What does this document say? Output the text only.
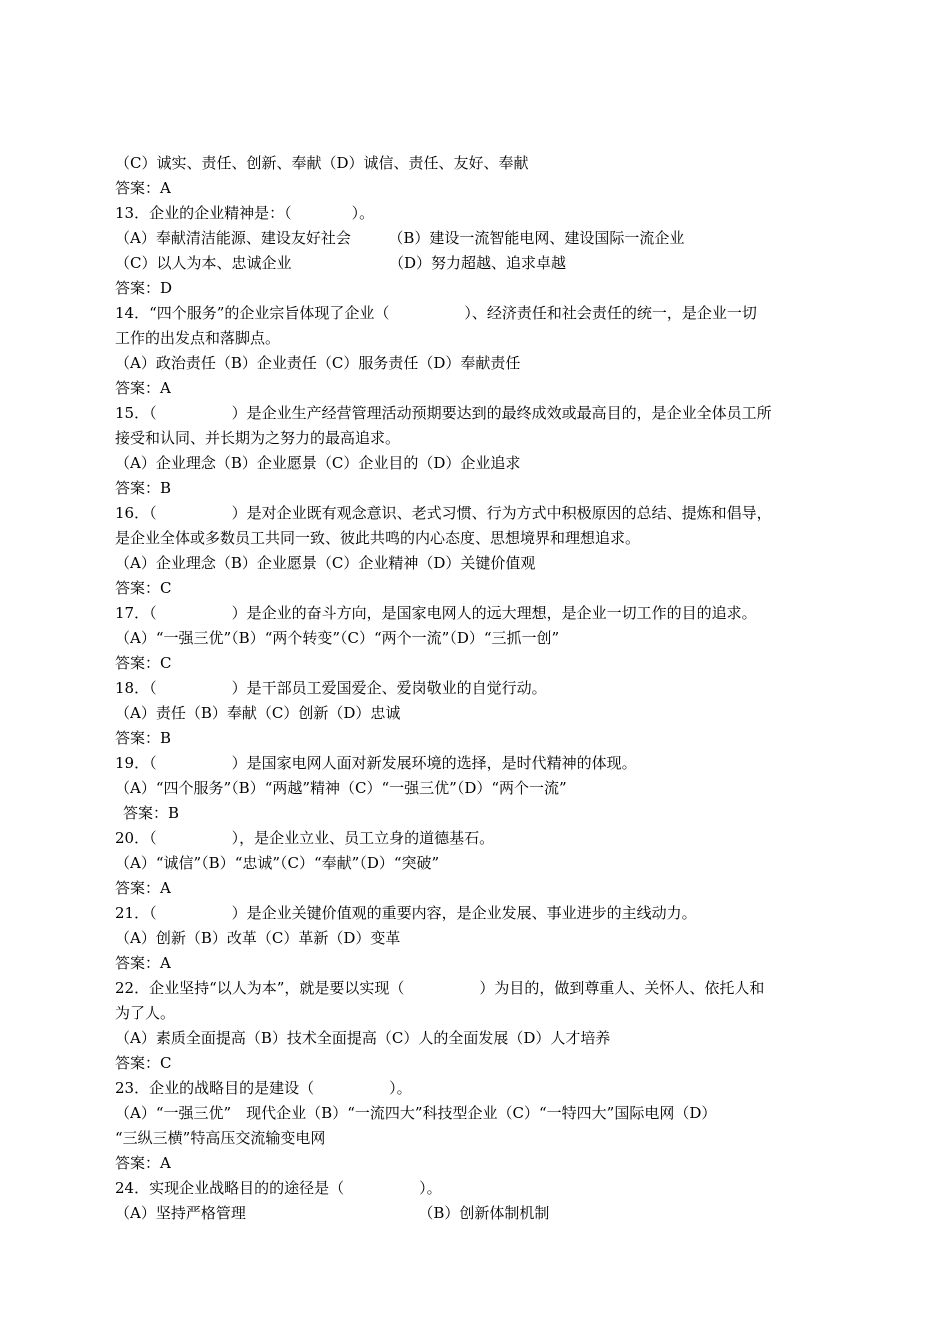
（C）诚实、责任、创新、奉献（D）诚信、责任、友好、奉献
答案：A
13．企业的企业精神是：（　　　　）。
（A）奉献清洁能源、建设友好社会　　　（B）建设一流智能电网、建设国际一流企业
（C）以人为本、忠诚企业　　　　　　　（D）努力超越、追求卓越
答案：D
14．“四个服务”的企业宗旨体现了企业（　　　　　）、经济责任和社会责任的统一，是企业一切
工作的出发点和落脚点。
（A）政治责任（B）企业责任（C）服务责任（D）奉献责任
答案：A
15．（　　　　　）是企业生产经营管理活动预期要达到的最终成效或最高目的，是企业全体员工所
接受和认同、并长期为之努力的最高追求。
（A）企业理念（B）企业愿景（C）企业目的（D）企业追求
答案：B
16．（　　　　　）是对企业既有观念意识、老式习惯、行为方式中积极原因的总结、提炼和倡导，
是企业全体或多数员工共同一致、彼此共鸣的内心态度、思想境界和理想追求。
（A）企业理念（B）企业愿景（C）企业精神（D）关键价值观
答案：C
17．（　　　　　）是企业的奋斗方向，是国家电网人的远大理想，是企业一切工作的目的追求。
（A）“一强三优”（B）“两个转变”（C）“两个一流”（D）“三抓一创”
答案：C
18．（　　　　　）是干部员工爱国爱企、爱岗敬业的自觉行动。
（A）责任（B）奉献（C）创新（D）忠诚
答案：B
19．（　　　　　）是国家电网人面对新发展环境的选择，是时代精神的体现。
（A）“四个服务”（B）“两越”精神（C）“一强三优”（D）“两个一流”
答案：B
20．（　　　　　），是企业立业、员工立身的道德基石。
（A）“诚信”（B）“忠诚”（C）“奉献”（D）“突破”
答案：A
21．（　　　　　）是企业关键价值观的重要内容，是企业发展、事业进步的主线动力。
（A）创新（B）改革（C）革新（D）变革
答案：A
22．企业坚持“以人为本”，就是要以实现（　　　　　）为目的，做到尊重人、关怀人、依托人和
为了人。
（A）素质全面提高（B）技术全面提高（C）人的全面发展（D）人才培养
答案：C
23．企业的战略目的是建设（　　　　　）。
（A）“一强三优”　现代企业（B）“一流四大”科技型企业（C）“一特四大”国际电网（D）
“三纵三横”特高压交流输变电网
答案：A
24．实现企业战略目的的途径是（　　　　　）。
（A）坚持严格管理　　　　　　　　　　　　（B）创新体制机制
